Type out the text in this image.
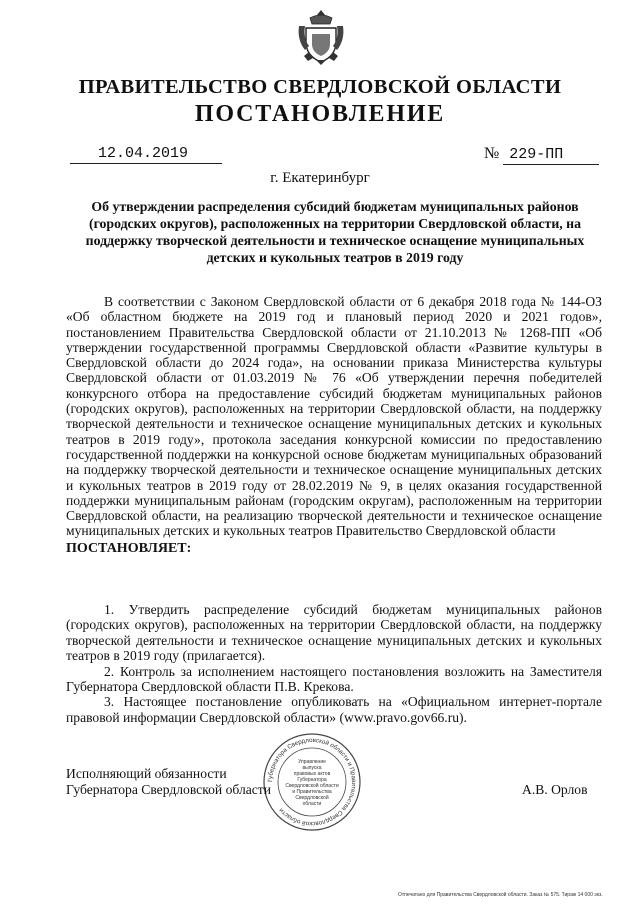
ПРАВИТЕЛЬСТВО СВЕРДЛОВСКОЙ ОБЛАСТИ
ПОСТАНОВЛЕНИЕ
12.04.2019	№ 229-ПП
г. Екатеринбург
Об утверждении распределения субсидий бюджетам муниципальных районов (городских округов), расположенных на территории Свердловской области, на поддержку творческой деятельности и техническое оснащение муниципальных детских и кукольных театров в 2019 году

В соответствии с Законом Свердловской области от 6 декабря 2018 года № 144-ОЗ «Об областном бюджете на 2019 год и плановый период 2020 и 2021 годов», постановлением Правительства Свердловской области от 21.10.2013 № 1268-ПП «Об утверждении государственной программы Свердловской области «Развитие культуры в Свердловской области до 2024 года», на основании приказа Министерства культуры Свердловской области от 01.03.2019 № 76 «Об утверждении перечня победителей конкурсного отбора на предоставление субсидий бюджетам муниципальных районов (городских округов), расположенных на территории Свердловской области, на поддержку творческой деятельности и техническое оснащение муниципальных детских и кукольных театров в 2019 году», протокола заседания конкурсной комиссии по предоставлению государственной поддержки на конкурсной основе бюджетам муниципальных образований на поддержку творческой деятельности и техническое оснащение муниципальных детских и кукольных театров в 2019 году от 28.02.2019 № 9, в целях оказания государственной поддержки муниципальным районам (городским округам), расположенным на территории Свердловской области, на реализацию творческой деятельности и техническое оснащение муниципальных детских и кукольных театров Правительство Свердловской области

ПОСТАНОВЛЯЕТ:

1. Утвердить распределение субсидий бюджетам муниципальных районов (городских округов), расположенных на территории Свердловской области, на поддержку творческой деятельности и техническое оснащение муниципальных детских и кукольных театров в 2019 году (прилагается).

2. Контроль за исполнением настоящего постановления возложить на Заместителя Губернатора Свердловской области П.В. Крекова.

3. Настоящее постановление опубликовать на «Официальном интернет-портале правовой информации Свердловской области» (www.pravo.gov66.ru).

Губернатора Свердловской области и Правительства Свердловской области
Управление
выпуска
правовых актов
Губернатора
Свердловской области
и Правительства
Свердловской
области
Исполняющий обязанности
Губернатора Свердловской области	А.В. Орлов
Отпечатано для Правительства Свердловской области. Заказ № 575. Тираж 14 000 экз.
